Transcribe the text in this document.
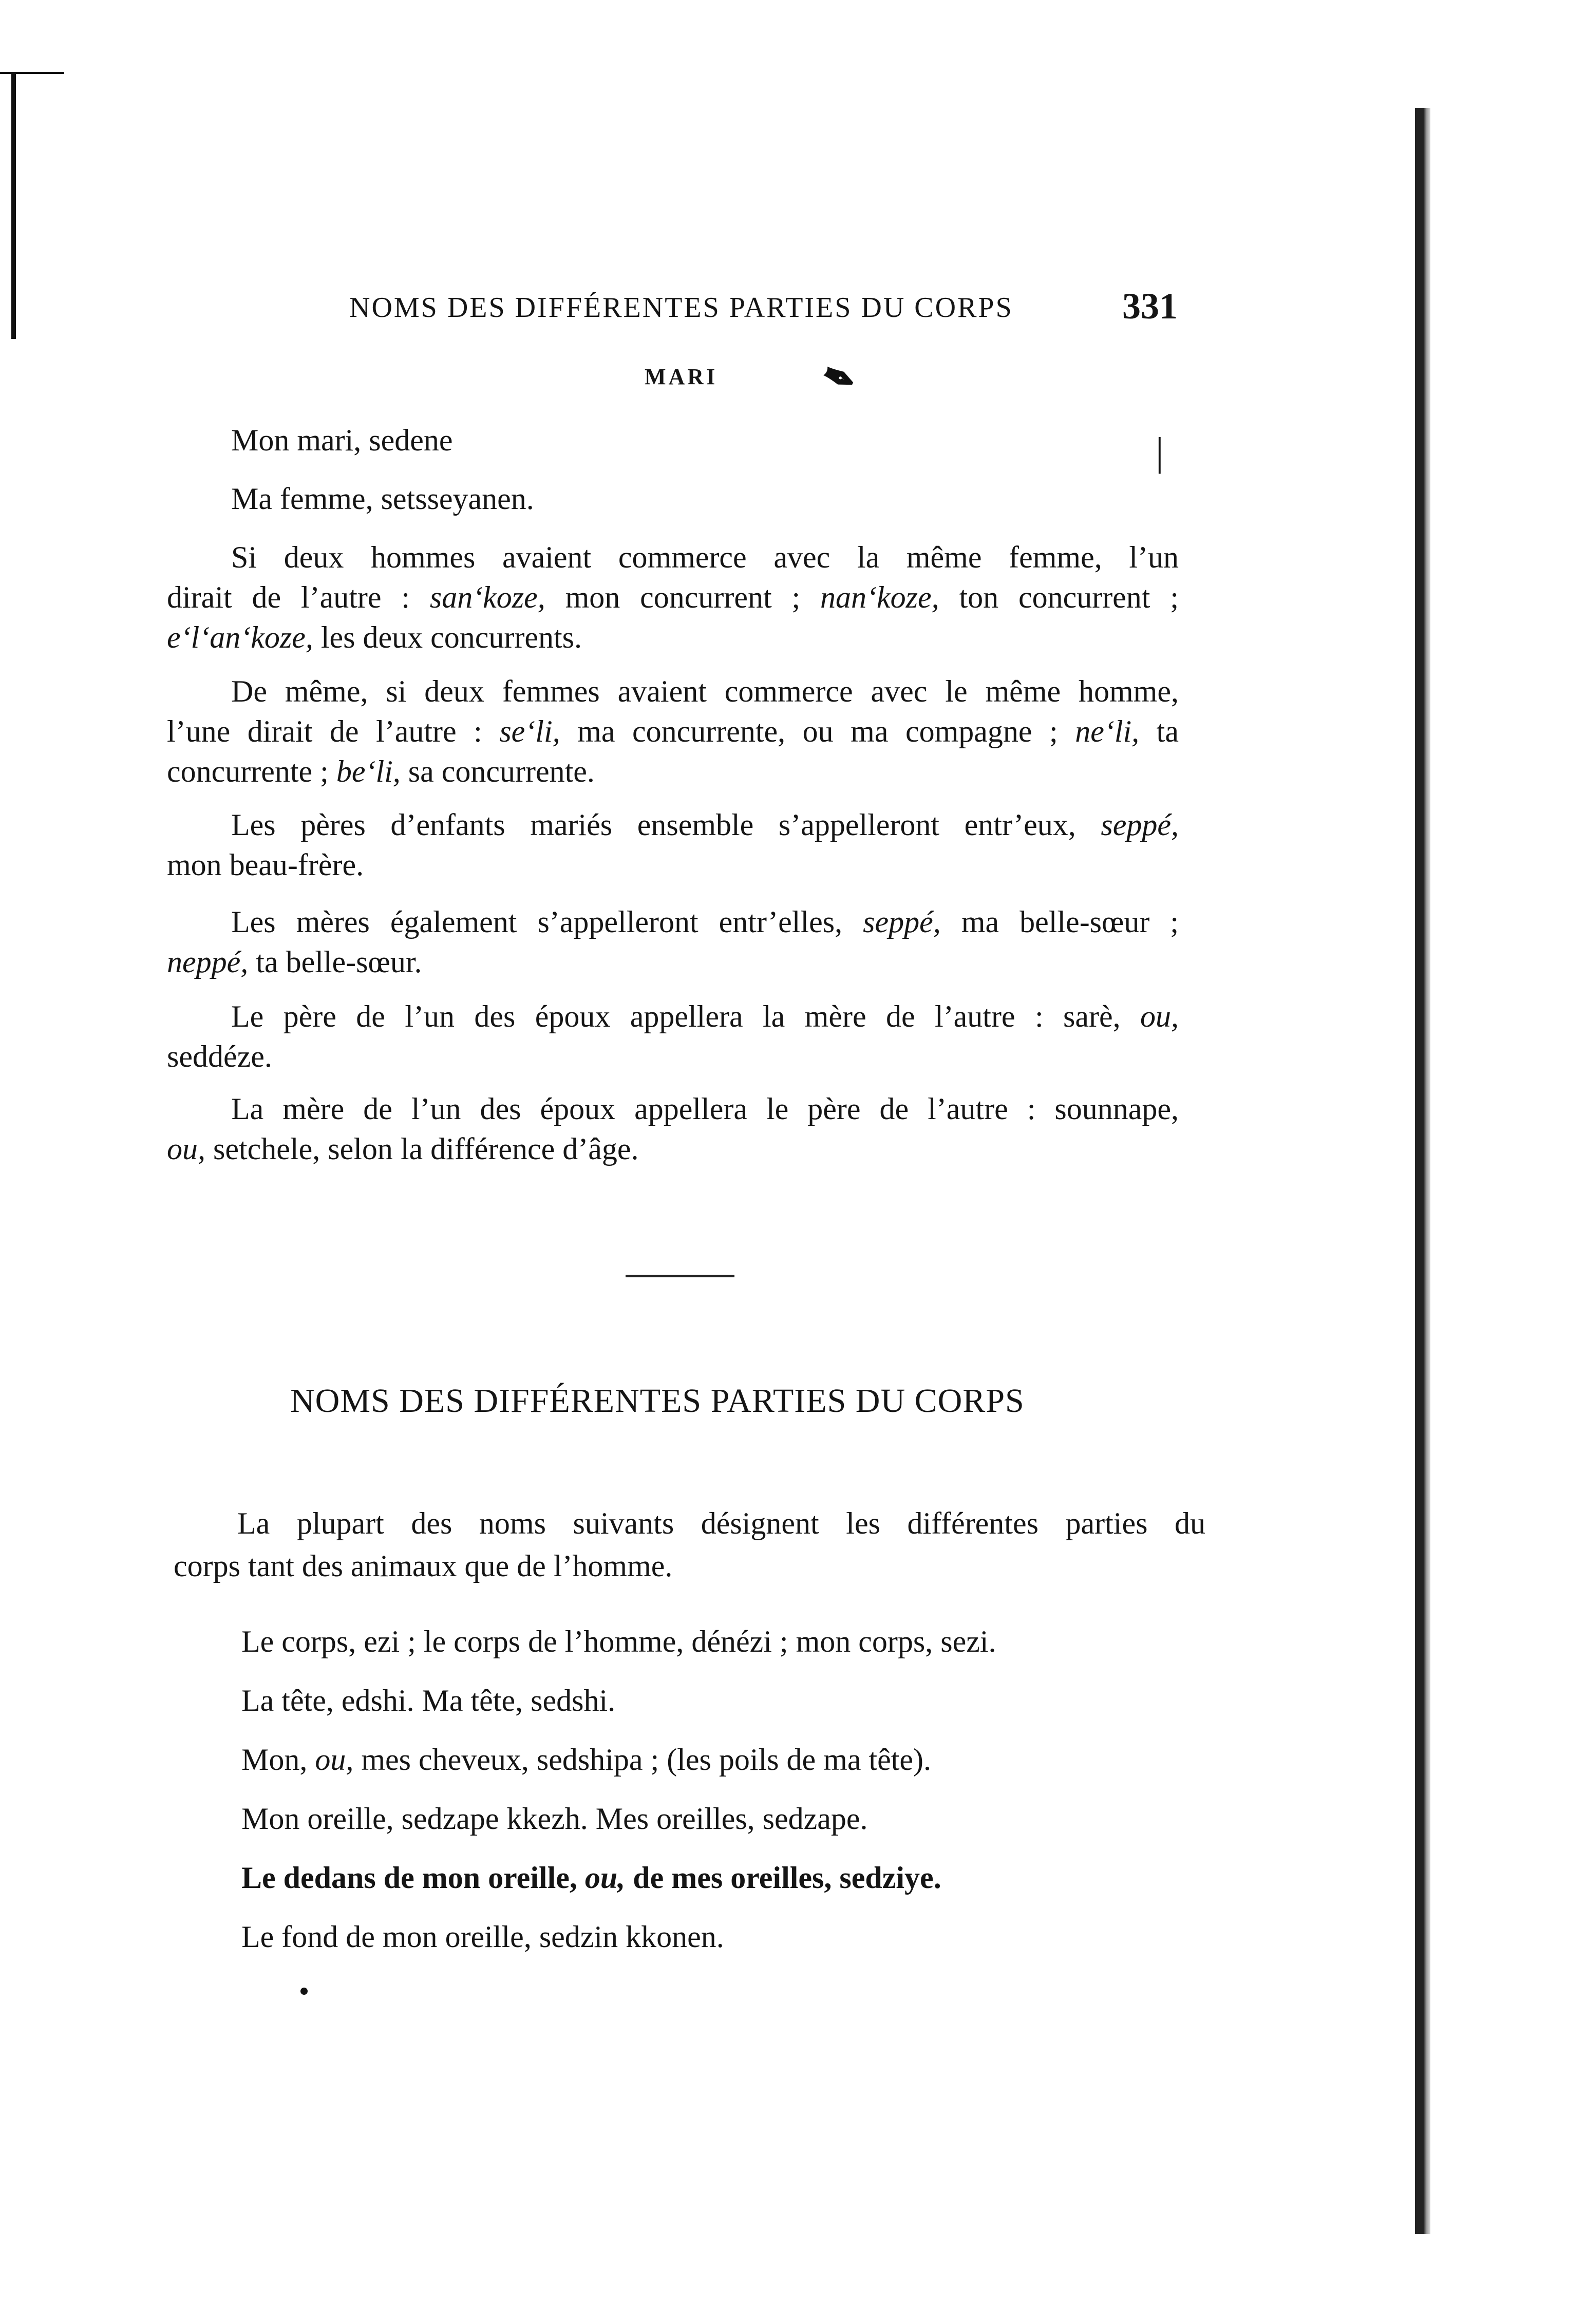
NOMS DES DIFFÉRENTES PARTIES DU CORPS	331
MARI ✒
|
Mon mari, sedene
Ma femme, setsseyanen.
Si deux hommes avaient commerce avec la même femme, l’un
dirait de l’autre : san‘koze, mon concurrent ; nan‘koze, ton concurrent ;
e‘l‘an‘koze, les deux concurrents.
De même, si deux femmes avaient commerce avec le même homme,
l’une dirait de l’autre : se‘li, ma concurrente, ou ma compagne ; ne‘li, ta
concurrente ; be‘li, sa concurrente.
Les pères d’enfants mariés ensemble s’appelleront entr’eux, seppé,
mon beau-frère.
Les mères également s’appelleront entr’elles, seppé, ma belle-sœur ;
neppé, ta belle-sœur.
Le père de l’un des époux appellera la mère de l’autre : sarè, ou,
seddéze.
La mère de l’un des époux appellera le père de l’autre : sounnape,
ou, setchele, selon la différence d’âge.
NOMS DES DIFFÉRENTES PARTIES DU CORPS
La plupart des noms suivants désignent les différentes parties du
corps tant des animaux que de l’homme.
Le corps, ezi ; le corps de l’homme, dénézi ; mon corps, sezi.
La tête, edshi. Ma tête, sedshi.
Mon, ou, mes cheveux, sedshipa ; (les poils de ma tête).
Mon oreille, sedzape kkezh. Mes oreilles, sedzape.
Le dedans de mon oreille, ou, de mes oreilles, sedziye.
Le fond de mon oreille, sedzin kkonen.
